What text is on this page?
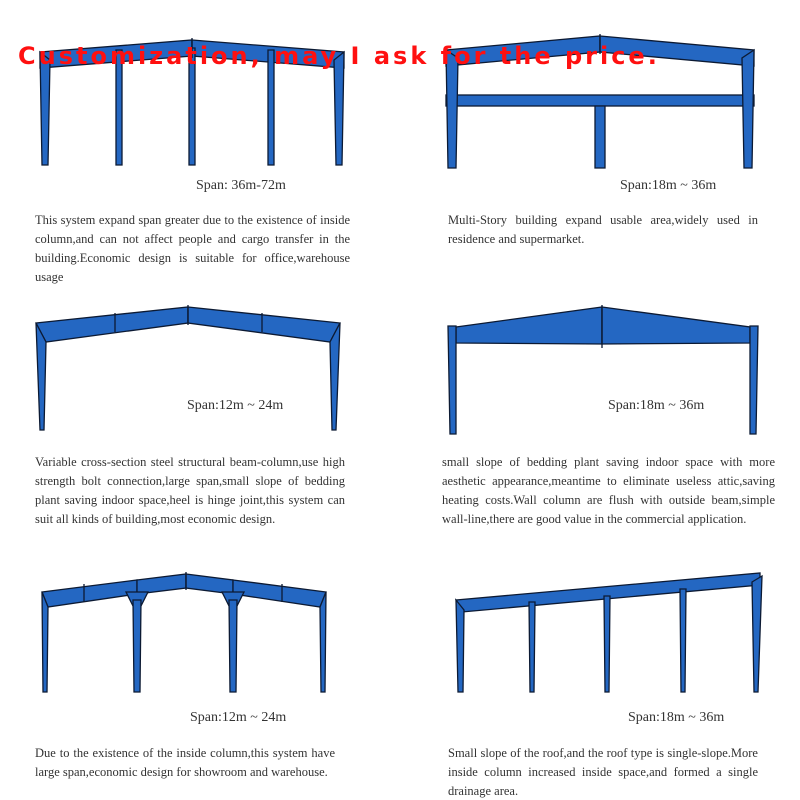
Customization, may I ask for the price.
Span: 36m-72m
This system expand span greater due to the existence of inside column,and can not affect people and cargo transfer in the building.Economic design is suitable for office,warehouse usage
Span:18m ~ 36m
Multi-Story building expand usable area,widely used in residence and supermarket.
Span:12m ~ 24m
Variable cross-section steel structural beam-column,use high strength bolt connection,large span,small slope of bedding plant saving indoor space,heel is hinge joint,this system can suit all kinds of building,most economic design.
Span:18m ~ 36m
small slope of bedding plant saving indoor space with more aesthetic appearance,meantime to eliminate useless attic,saving heating costs.Wall column are flush with outside beam,simple wall-line,there are good value in the commercial application.
Span:12m ~ 24m
Due to the existence of the inside column,this system have large span,economic design for showroom and warehouse.
Span:18m ~ 36m
Small slope of the roof,and the roof type is single-slope.More inside column increased inside space,and formed a single drainage area.
